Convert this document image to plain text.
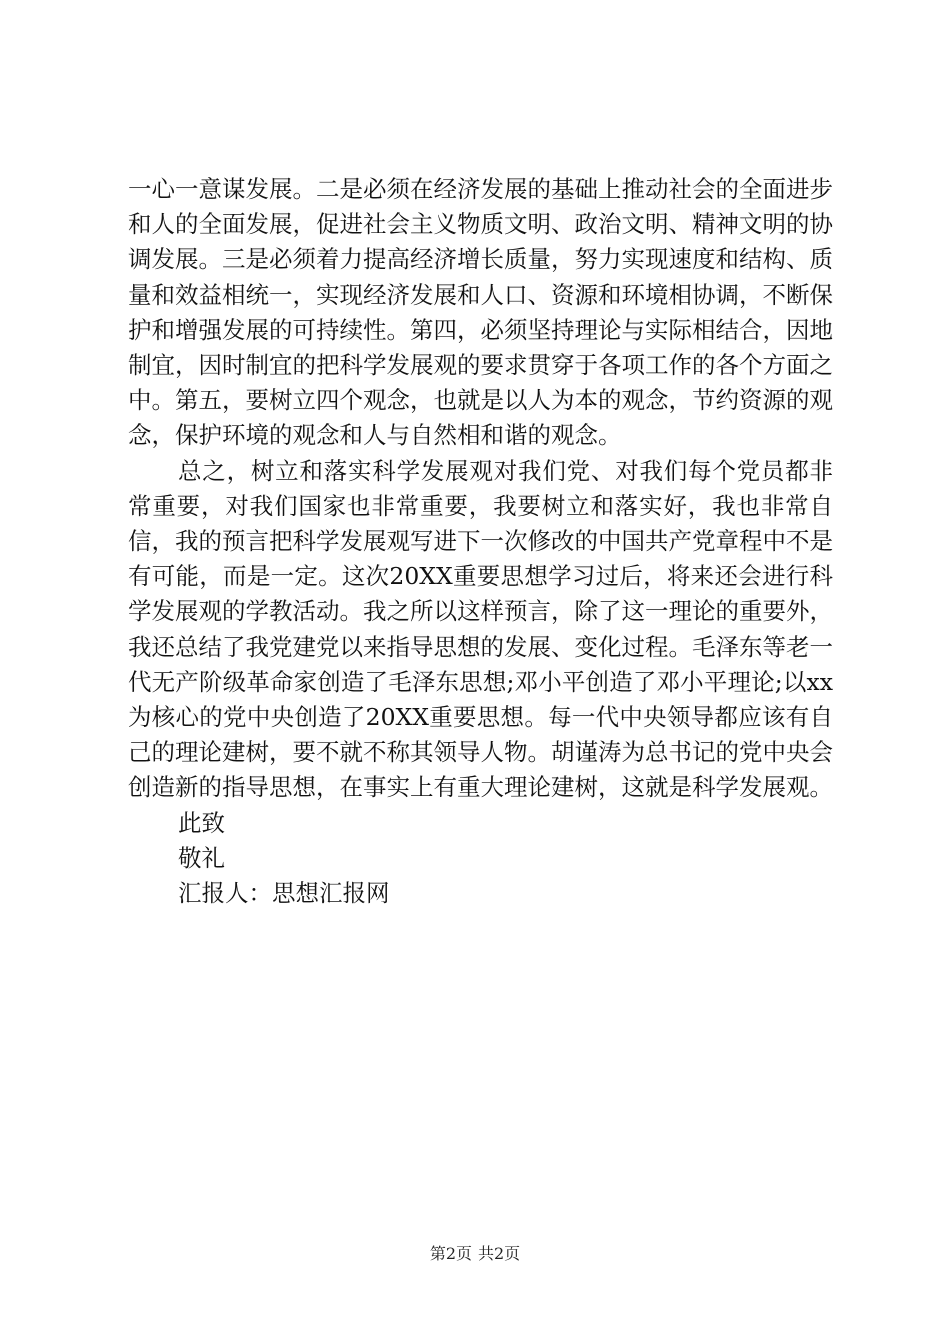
一心一意谋发展。二是必须在经济发展的基础上推动社会的全面进步和人的全面发展，促进社会主义物质文明、政治文明、精神文明的协调发展。三是必须着力提高经济增长质量，努力实现速度和结构、质量和效益相统一，实现经济发展和人口、资源和环境相协调，不断保护和增强发展的可持续性。第四，必须坚持理论与实际相结合，因地制宜，因时制宜的把科学发展观的要求贯穿于各项工作的各个方面之中。第五，要树立四个观念，也就是以人为本的观念，节约资源的观念，保护环境的观念和人与自然相和谐的观念。

总之，树立和落实科学发展观对我们党、对我们每个党员都非常重要，对我们国家也非常重要，我要树立和落实好，我也非常自信，我的预言把科学发展观写进下一次修改的中国共产党章程中不是有可能，而是一定。这次20XX重要思想学习过后，将来还会进行科学发展观的学教活动。我之所以这样预言，除了这一理论的重要外，我还总结了我党建党以来指导思想的发展、变化过程。毛泽东等老一代无产阶级革命家创造了毛泽东思想;邓小平创造了邓小平理论;以xx为核心的党中央创造了20XX重要思想。每一代中央领导都应该有自己的理论建树，要不就不称其领导人物。胡谨涛为总书记的党中央会创造新的指导思想，在事实上有重大理论建树，这就是科学发展观。

此致

敬礼

汇报人：思想汇报网

第2页 共2页
